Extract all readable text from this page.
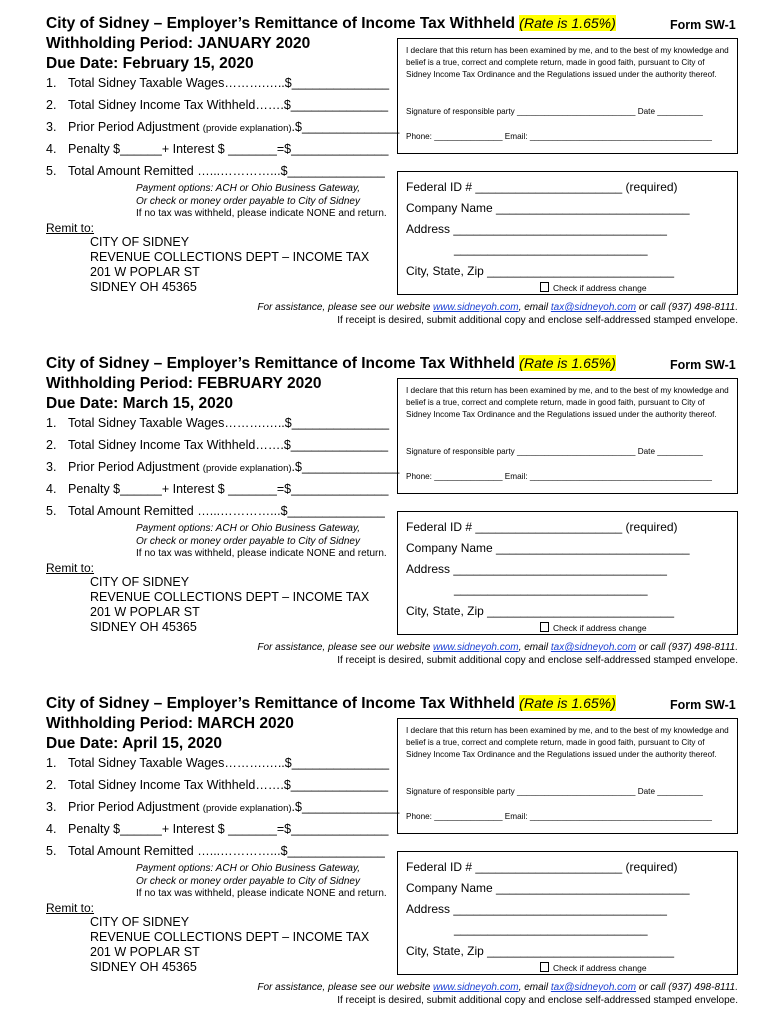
City of Sidney – Employer’s Remittance of Income Tax Withheld (Rate is 1.65%)	Form SW-1
Withholding Period: JANUARY 2020
Due Date: February 15, 2020
1. Total Sidney Taxable Wages……….…..$______________
2. Total Sidney Income Tax Withheld…….$______________
3. Prior Period Adjustment (provide explanation).$______________
4. Penalty $______+ Interest $ _______=$______________
5. Total Amount Remitted …...…………...$______________
Payment options: ACH or Ohio Business Gateway,
Or check or money order payable to City of Sidney
If no tax was withheld, please indicate NONE and return.
Remit to:
CITY OF SIDNEY
REVENUE COLLECTIONS DEPT – INCOME TAX
201 W POPLAR ST
SIDNEY OH 45365
I declare that this return has been examined by me, and to the best of my knowledge and belief is a true, correct and complete return, made in good faith, pursuant to City of Sidney Income Tax Ordinance and the Regulations issued under the authority thereof.
Signature of responsible party __________________________ Date __________
Phone: _______________ Email: ________________________________________
Federal ID # ______________________ (required)
Company Name _____________________________
Address ________________________________
_____________________________
City, State, Zip ____________________________
Check if address change
For assistance, please see our website www.sidneyoh.com, email tax@sidneyoh.com or call (937) 498-8111.
If receipt is desired, submit additional copy and enclose self-addressed stamped envelope.
City of Sidney – Employer’s Remittance of Income Tax Withheld (Rate is 1.65%)	Form SW-1
Withholding Period: FEBRUARY 2020
Due Date: March 15, 2020
1. Total Sidney Taxable Wages……….…..$______________
2. Total Sidney Income Tax Withheld…….$______________
3. Prior Period Adjustment (provide explanation).$______________
4. Penalty $______+ Interest $ _______=$______________
5. Total Amount Remitted …...…………...$______________
Payment options: ACH or Ohio Business Gateway,
Or check or money order payable to City of Sidney
If no tax was withheld, please indicate NONE and return.
Remit to:
CITY OF SIDNEY
REVENUE COLLECTIONS DEPT – INCOME TAX
201 W POPLAR ST
SIDNEY OH 45365
I declare that this return has been examined by me, and to the best of my knowledge and belief is a true, correct and complete return, made in good faith, pursuant to City of Sidney Income Tax Ordinance and the Regulations issued under the authority thereof.
Signature of responsible party __________________________ Date __________
Phone: _______________ Email: ________________________________________
Federal ID # ______________________ (required)
Company Name _____________________________
Address ________________________________
_____________________________
City, State, Zip ____________________________
Check if address change
For assistance, please see our website www.sidneyoh.com, email tax@sidneyoh.com or call (937) 498-8111.
If receipt is desired, submit additional copy and enclose self-addressed stamped envelope.
City of Sidney – Employer’s Remittance of Income Tax Withheld (Rate is 1.65%)	Form SW-1
Withholding Period: MARCH 2020
Due Date: April 15, 2020
1. Total Sidney Taxable Wages……….…..$______________
2. Total Sidney Income Tax Withheld…….$______________
3. Prior Period Adjustment (provide explanation).$______________
4. Penalty $______+ Interest $ _______=$______________
5. Total Amount Remitted …...…………...$______________
Payment options: ACH or Ohio Business Gateway,
Or check or money order payable to City of Sidney
If no tax was withheld, please indicate NONE and return.
Remit to:
CITY OF SIDNEY
REVENUE COLLECTIONS DEPT – INCOME TAX
201 W POPLAR ST
SIDNEY OH 45365
I declare that this return has been examined by me, and to the best of my knowledge and belief is a true, correct and complete return, made in good faith, pursuant to City of Sidney Income Tax Ordinance and the Regulations issued under the authority thereof.
Signature of responsible party __________________________ Date __________
Phone: _______________ Email: ________________________________________
Federal ID # ______________________ (required)
Company Name _____________________________
Address ________________________________
_____________________________
City, State, Zip ____________________________
Check if address change
For assistance, please see our website www.sidneyoh.com, email tax@sidneyoh.com or call (937) 498-8111.
If receipt is desired, submit additional copy and enclose self-addressed stamped envelope.
